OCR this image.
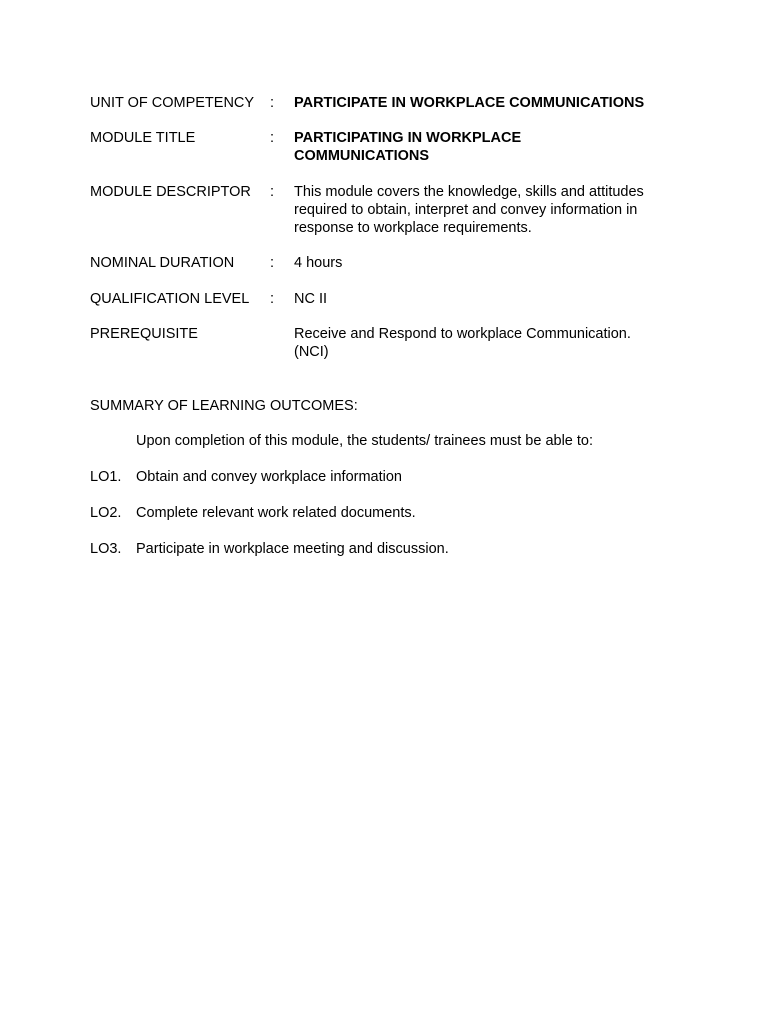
UNIT OF COMPETENCY : PARTICIPATE IN WORKPLACE COMMUNICATIONS
MODULE TITLE	: PARTICIPATING IN WORKPLACE
COMMUNICATIONS
MODULE DESCRIPTOR : This module covers the knowledge, skills and attitudes
required to obtain, interpret and convey information in
response to workplace requirements.
NOMINAL DURATION : 4 hours
QUALIFICATION LEVEL : NC II
PREREQUISITE	Receive and Respond to workplace Communication.
(NCI)
SUMMARY OF LEARNING OUTCOMES:
Upon completion of this module, the students/ trainees must be able to:
LO1. Obtain and convey workplace information
LO2. Complete relevant work related documents.
LO3. Participate in workplace meeting and discussion.
